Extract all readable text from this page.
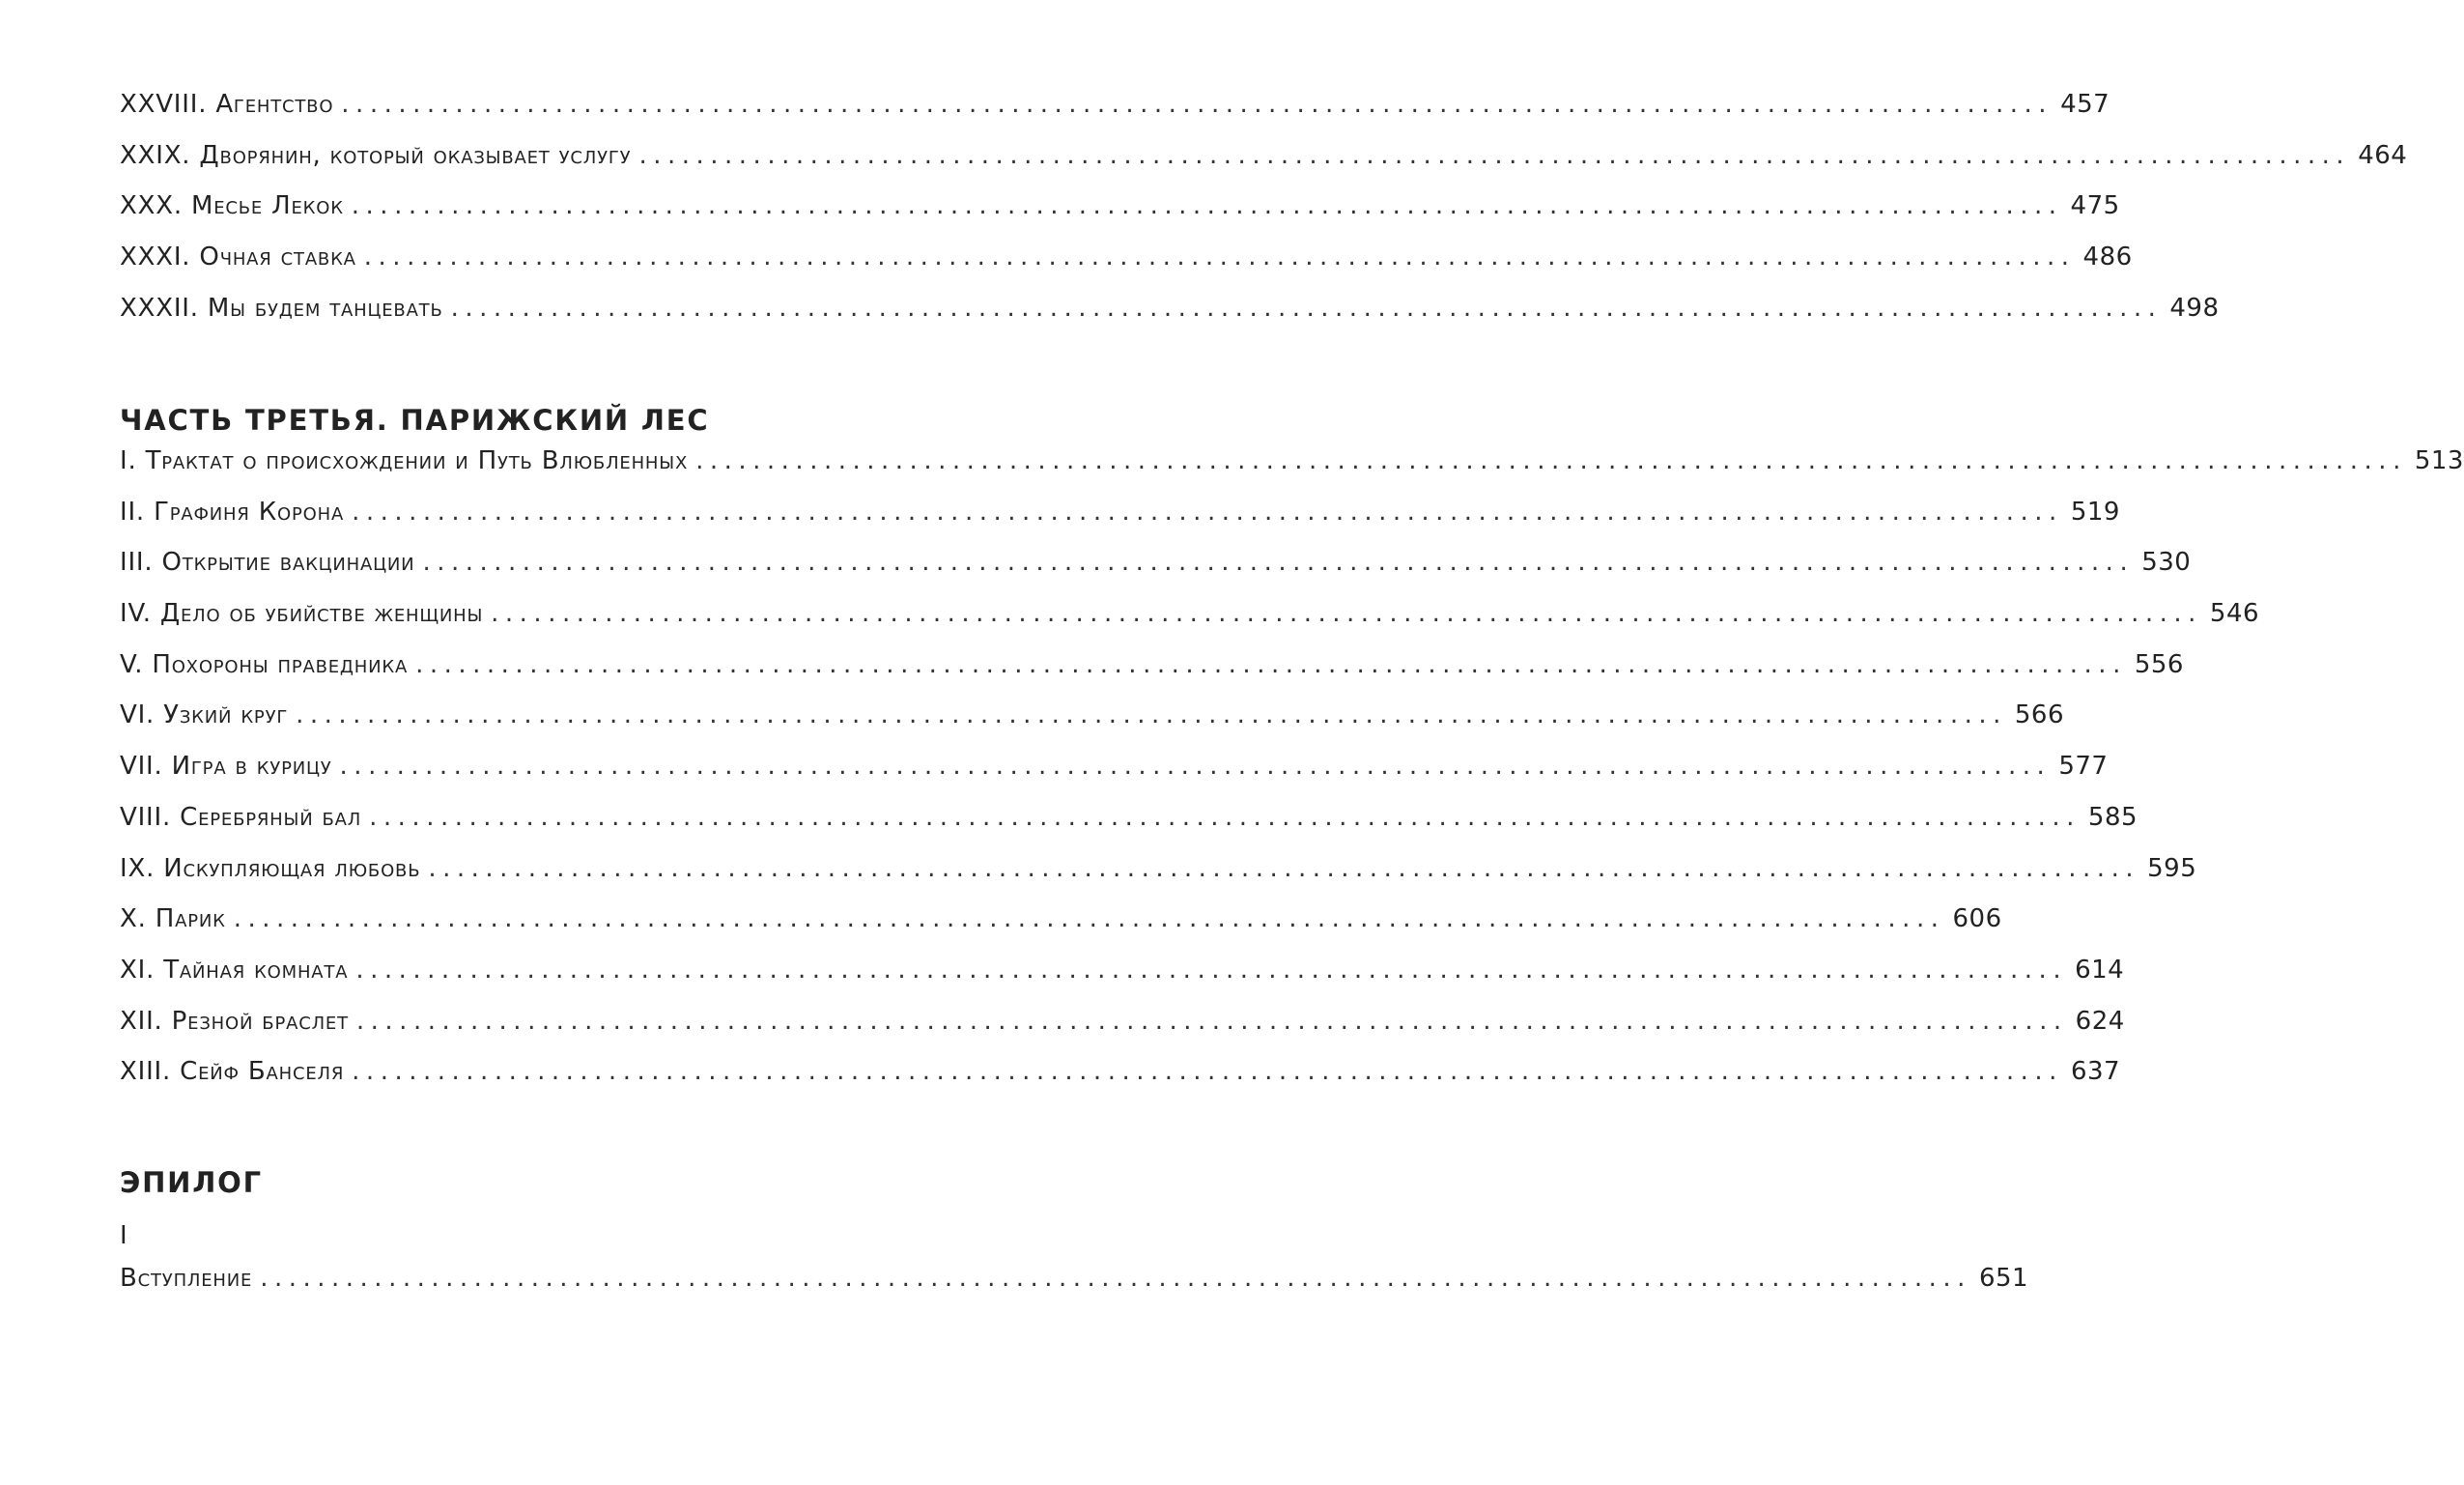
XXVIII. Агентство ........................................................................................................................ 457
XXIX. Дворянин, который оказывает услугу ........................................................................................................................ 464
XXX. Месье Лекок ........................................................................................................................ 475
XXXI. Очная ставка ........................................................................................................................ 486
XXXII. Мы будем танцевать ........................................................................................................................ 498
ЧАСТЬ ТРЕТЬЯ. ПАРИЖСКИЙ ЛЕС
I. Трактат о происхождении и Путь Влюбленных ........................................................................................................................ 513
II. Графиня Корона ........................................................................................................................ 519
III. Открытие вакцинации ........................................................................................................................ 530
IV. Дело об убийстве женщины ........................................................................................................................ 546
V. Похороны праведника ........................................................................................................................ 556
VI. Узкий круг ........................................................................................................................ 566
VII. Игра в курицу ........................................................................................................................ 577
VIII. Серебряный бал ........................................................................................................................ 585
IX. Искупляющая любовь ........................................................................................................................ 595
X. Парик ........................................................................................................................ 606
XI. Тайная комната ........................................................................................................................ 614
XII. Резной браслет ........................................................................................................................ 624
XIII. Сейф Банселя ........................................................................................................................ 637
ЭПИЛОГ
I
Вступление ........................................................................................................................ 651
